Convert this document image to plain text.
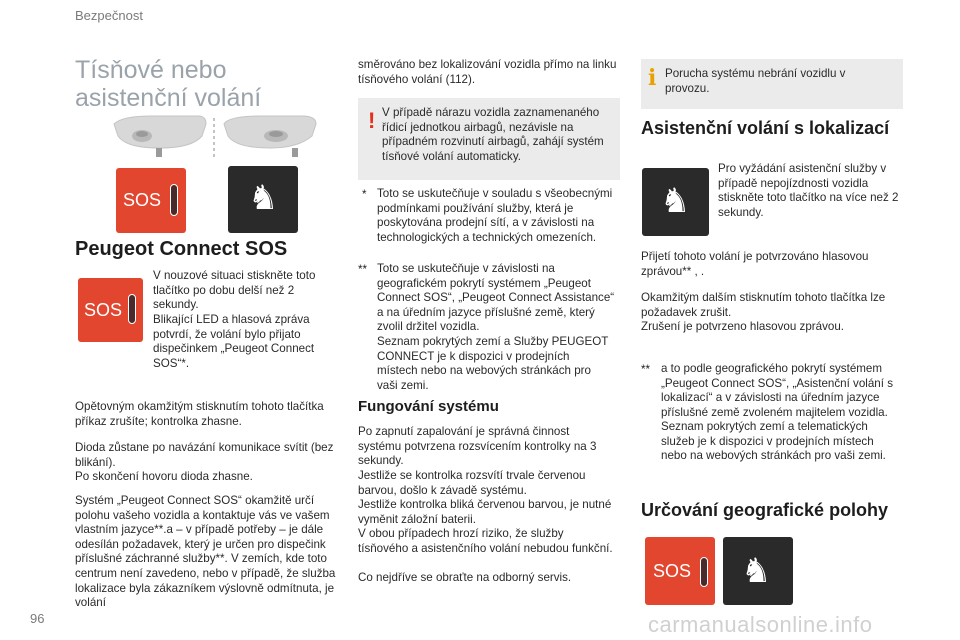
Bezpečnost
Tísňové nebo asistenční volání
SOS	♞
Peugeot Connect SOS
SOS
V nouzové situaci stiskněte toto tlačítko po dobu delší než 2 sekundy.
Blikající LED a hlasová zpráva potvrdí, že volání bylo přijato dispečinkem „Peugeot Connect SOS“*.
Opětovným okamžitým stisknutím tohoto tlačítka příkaz zrušíte; kontrolka zhasne.
Dioda zůstane po navázání komunikace svítit (bez blikání).
Po skončení hovoru dioda zhasne.
Systém „Peugeot Connect SOS“ okamžitě určí polohu vašeho vozidla a kontaktuje vás ve vašem vlastním jazyce**.a – v případě potřeby – je dále odesílán požadavek, který je určen pro dispečink příslušné záchranné služby**. V zemích, kde toto centrum není zavedeno, nebo v případě, že služba lokalizace byla zákazníkem výslovně odmítnuta, je volání
směrováno bez lokalizování vozidla přímo na linku tísňového volání (112).
! V případě nárazu vozidla zaznamenaného řídicí jednotkou airbagů, nezávisle na případném rozvinutí airbagů, zahájí systém tísňové volání automaticky.
* Toto se uskutečňuje v souladu s všeobecnými podmínkami používání služby, která je poskytována prodejní sítí, a v závislosti na technologických a technických omezeních.
** Toto se uskutečňuje v závislosti na geografickém pokrytí systémem „Peugeot Connect SOS“, „Peugeot Connect Assistance“ a na úředním jazyce příslušné země, který zvolil držitel vozidla.
Seznam pokrytých zemí a Služby PEUGEOT CONNECT je k dispozici v prodejních místech nebo na webových stránkách pro vaši zemi.
Fungování systému
Po zapnutí zapalování je správná činnost systému potvrzena rozsvícením kontrolky na 3 sekundy.
Jestliže se kontrolka rozsvítí trvale červenou barvou, došlo k závadě systému.
Jestliže kontrolka bliká červenou barvou, je nutné vyměnit záložní baterii.
V obou případech hrozí riziko, že služby tísňového a asistenčního volání nebudou funkční.
Co nejdříve se obraťte na odborný servis.
i Porucha systému nebrání vozidlu v provozu.
Asistenční volání s lokalizací
♞
Pro vyžádání asistenční služby v případě nepojízdnosti vozidla stiskněte toto tlačítko na více než 2 sekundy.
Přijetí tohoto volání je potvrzováno hlasovou zprávou** , .
Okamžitým dalším stisknutím tohoto tlačítka lze požadavek zrušit.
Zrušení je potvrzeno hlasovou zprávou.
** a to podle geografického pokrytí systémem „Peugeot Connect SOS“, „Asistenční volání s lokalizací“ a v závislosti na úředním jazyce příslušné země zvoleném majitelem vozidla.
Seznam pokrytých zemí a telematických služeb je k dispozici v prodejních místech nebo na webových stránkách pro vaši zemi.
Určování geografické polohy
SOS ♞
96	carmanualsonline.info
